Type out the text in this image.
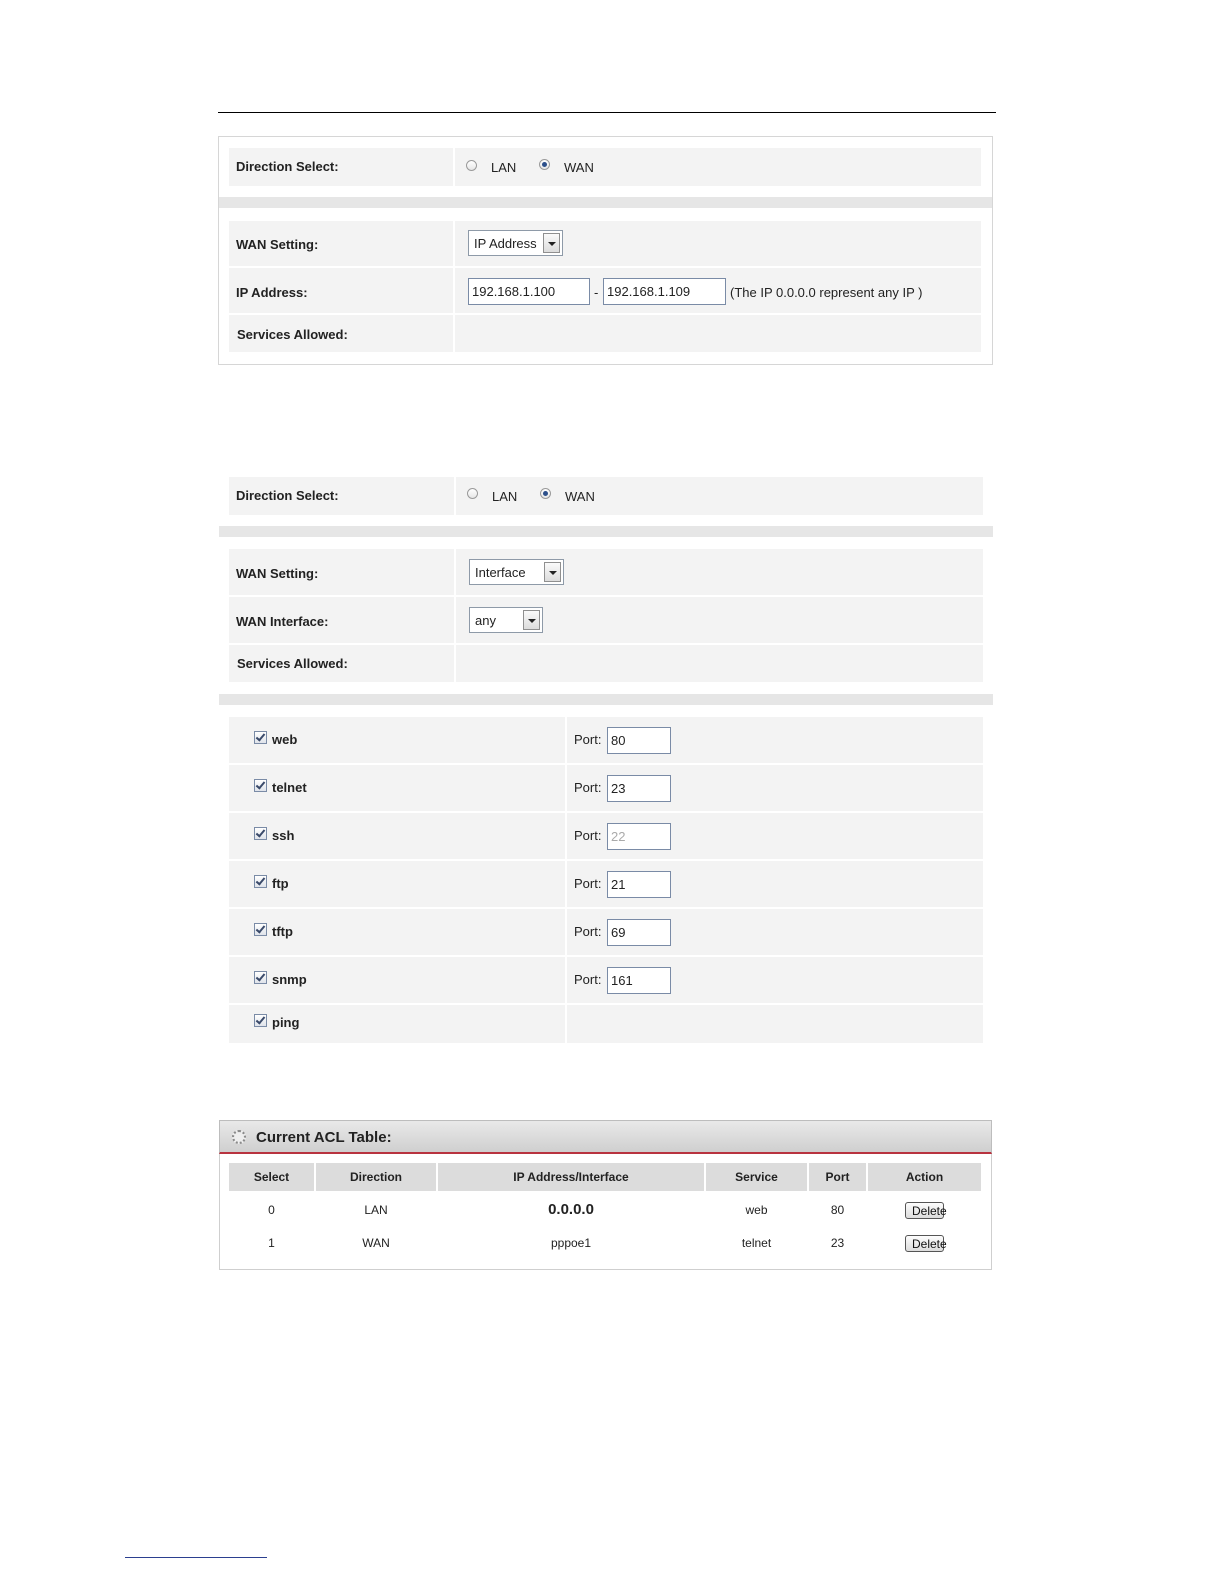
Direction Select:	LAN	WAN
WAN Setting:	IP Address
IP Address:	192.168.1.100	- 192.168.1.109	(The IP 0.0.0.0 represent any IP )
Services Allowed:
Direction Select:	LAN	WAN
WAN Setting:	Interface
WAN Interface:	any
Services Allowed:
web	Port: 80
telnet	Port: 23
ssh	Port: 22
ftp	Port: 21
tftp	Port: 69
snmp	Port: 161
ping
Current ACL Table:
Select	Direction	IP Address/Interface	Service	Port	Action
0	LAN	0.0.0.0	web	80	Delete
1	WAN	pppoe1	telnet	23	Delete
